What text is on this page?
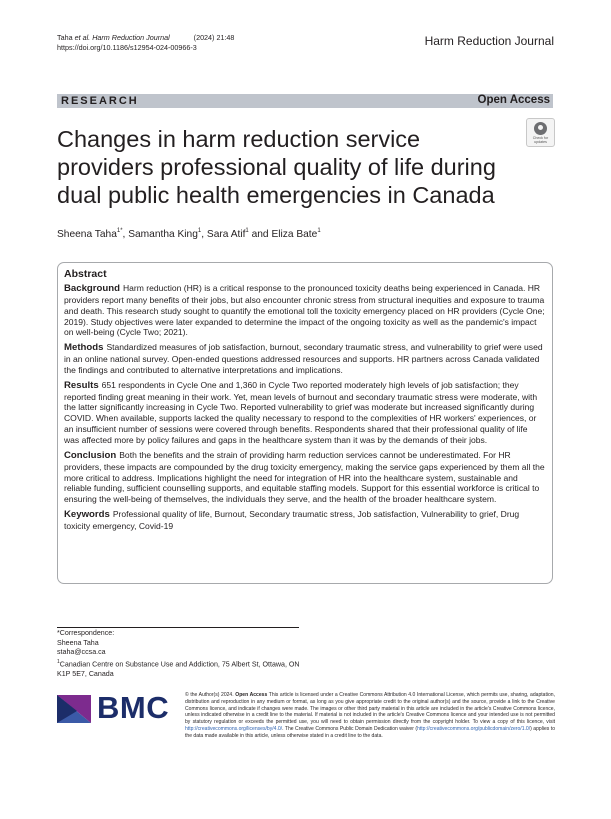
Taha et al. Harm Reduction Journal	(2024) 21:48
https://doi.org/10.1186/s12954-024-00966-3	Harm Reduction Journal
RESEARCH	Open Access
Check for updates
Changes in harm reduction service providers professional quality of life during dual public health emergencies in Canada
Sheena Taha$^{1*}$, Samantha King$^1$, Sara Atif$^1$ and Eliza Bate$^1$
Abstract

Background Harm reduction (HR) is a critical response to the pronounced toxicity deaths being experienced in Canada. HR providers report many benefits of their jobs, but also encounter chronic stress from structural inequities and exposure to trauma and death. This research study sought to quantify the emotional toll the toxicity emergency placed on HR providers (Cycle One; 2019). Study objectives were later expanded to determine the impact of the ongoing toxicity as well as the pandemic's impact on well-being (Cycle Two; 2021).

Methods Standardized measures of job satisfaction, burnout, secondary traumatic stress, and vulnerability to grief were used in an online national survey. Open-ended questions addressed resources and supports. HR partners across Canada validated the findings and contributed to alternative interpretations and implications.

Results 651 respondents in Cycle One and 1,360 in Cycle Two reported moderately high levels of job satisfaction; they reported finding great meaning in their work. Yet, mean levels of burnout and secondary traumatic stress were moderate, with the latter significantly increasing in Cycle Two. Reported vulnerability to grief was moderate but increased significantly during COVID. When available, supports lacked the quality necessary to respond to the complexities of HR workers' experiences, or an insufficient number of sessions were covered through benefits. Respondents shared that their professional quality of life was affected more by policy failures and gaps in the healthcare system than it was by the demands of their jobs.

Conclusion Both the benefits and the strain of providing harm reduction services cannot be underestimated. For HR providers, these impacts are compounded by the drug toxicity emergency, making the service gaps experienced by them all the more critical to address. Implications highlight the need for integration of HR into the healthcare system, sustainable and reliable funding, sufficient counselling supports, and equitable staffing models. Support for this essential workforce is critical to ensuring the well-being of themselves, the individuals they serve, and the health of the broader healthcare system.

Keywords Professional quality of life, Burnout, Secondary traumatic stress, Job satisfaction, Vulnerability to grief, Drug toxicity emergency, Covid-19

*Correspondence:
Sheena Taha
staha@ccsa.ca
$^1$Canadian Centre on Substance Use and Addiction, 75 Albert St, Ottawa, ON K1P 5E7, Canada
BMC	© the Author(s) 2024. Open Access This article is licensed under a Creative Commons Attribution 4.0 International License, which permits use, sharing, adaptation, distribution and reproduction in any medium or format, as long as you give appropriate credit to the original author(s) and the source, provide a link to the Creative Commons licence, and indicate if changes were made. The images or other third party material in this article are included in the article's Creative Commons licence, unless indicated otherwise in a credit line to the material. If material is not included in the article's Creative Commons licence and your intended use is not permitted by statutory regulation or exceeds the permitted use, you will need to obtain permission directly from the copyright holder. To view a copy of this licence, visit http://creativecommons.org/licenses/by/4.0/. The Creative Commons Public Domain Dedication waiver (http://creativecommons.org/publicdomain/zero/1.0/) applies to the data made available in this article, unless otherwise stated in a credit line to the data.
